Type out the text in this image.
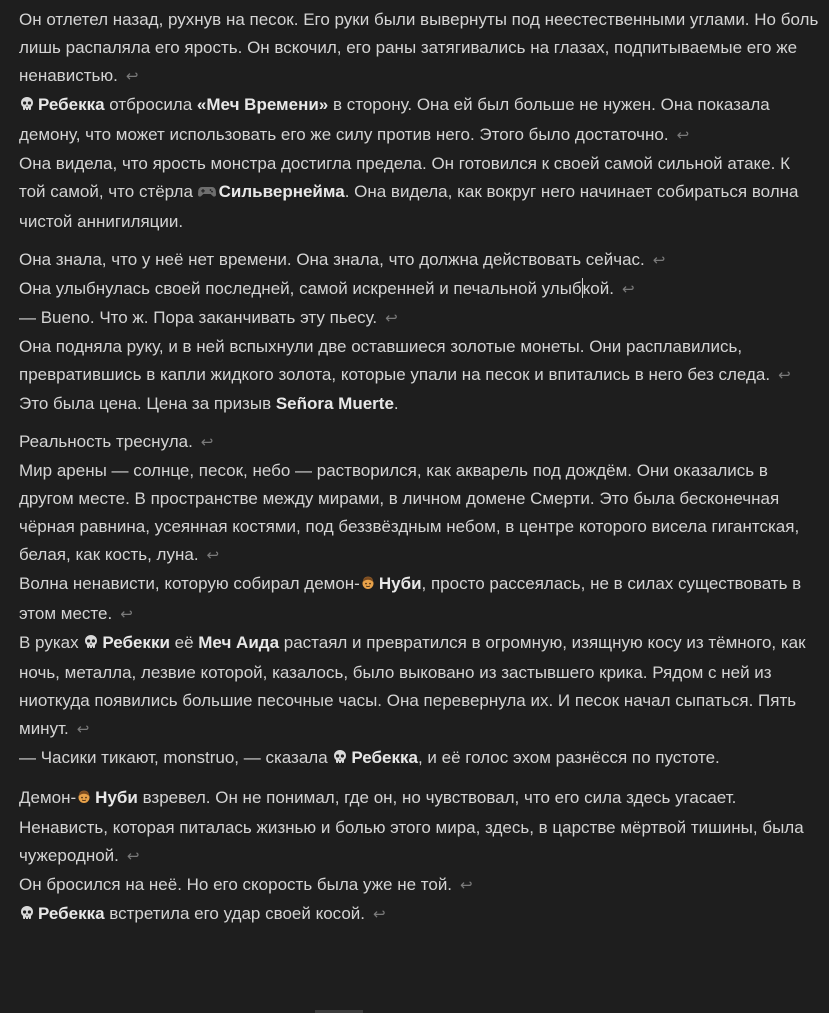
Он отлетел назад, рухнув на песок. Его руки были вывернуты под неестественными углами. Но боль лишь распаляла его ярость. Он вскочил, его раны затягивались на глазах, подпитываемые его же ненавистью. ↩

Ребекка отбросила «Меч Времени» в сторону. Она ей был больше не нужен. Она показала демону, что может использовать его же силу против него. Этого было достаточно. ↩

Она видела, что ярость монстра достигла предела. Он готовился к своей самой сильной атаке. К той самой, что стёрла Сильвернейма. Она видела, как вокруг него начинает собираться волна чистой аннигиляции.

Она знала, что у неё нет времени. Она знала, что должна действовать сейчас. ↩

Она улыбнулась своей последней, самой искренней и печальной улыбкой. ↩

— Bueno. Что ж. Пора заканчивать эту пьесу. ↩

Она подняла руку, и в ней вспыхнули две оставшиеся золотые монеты. Они расплавились, превратившись в капли жидкого золота, которые упали на песок и впитались в него без следа. ↩

Это была цена. Цена за призыв Señora Muerte.

Реальность треснула. ↩

Мир арены — солнце, песок, небо — растворился, как акварель под дождём. Они оказались в другом месте. В пространстве между мирами, в личном домене Смерти. Это была бесконечная чёрная равнина, усеянная костями, под беззвёздным небом, в центре которого висела гигантская, белая, как кость, луна. ↩

Волна ненависти, которую собирал демон- Нуби, просто рассеялась, не в силах существовать в этом месте. ↩

В руках Ребекки её Меч Аида растаял и превратился в огромную, изящную косу из тёмного, как ночь, металла, лезвие которой, казалось, было выковано из застывшего крика. Рядом с ней из ниоткуда появились большие песочные часы. Она перевернула их. И песок начал сыпаться. Пять минут. ↩

— Часики тикают, monstruo, — сказала Ребекка, и её голос эхом разнёсся по пустоте.

Демон- Нуби взревел. Он не понимал, где он, но чувствовал, что его сила здесь угасает. Ненависть, которая питалась жизнью и болью этого мира, здесь, в царстве мёртвой тишины, была чужеродной. ↩

Он бросился на неё. Но его скорость была уже не той. ↩

Ребекка встретила его удар своей косой. ↩
